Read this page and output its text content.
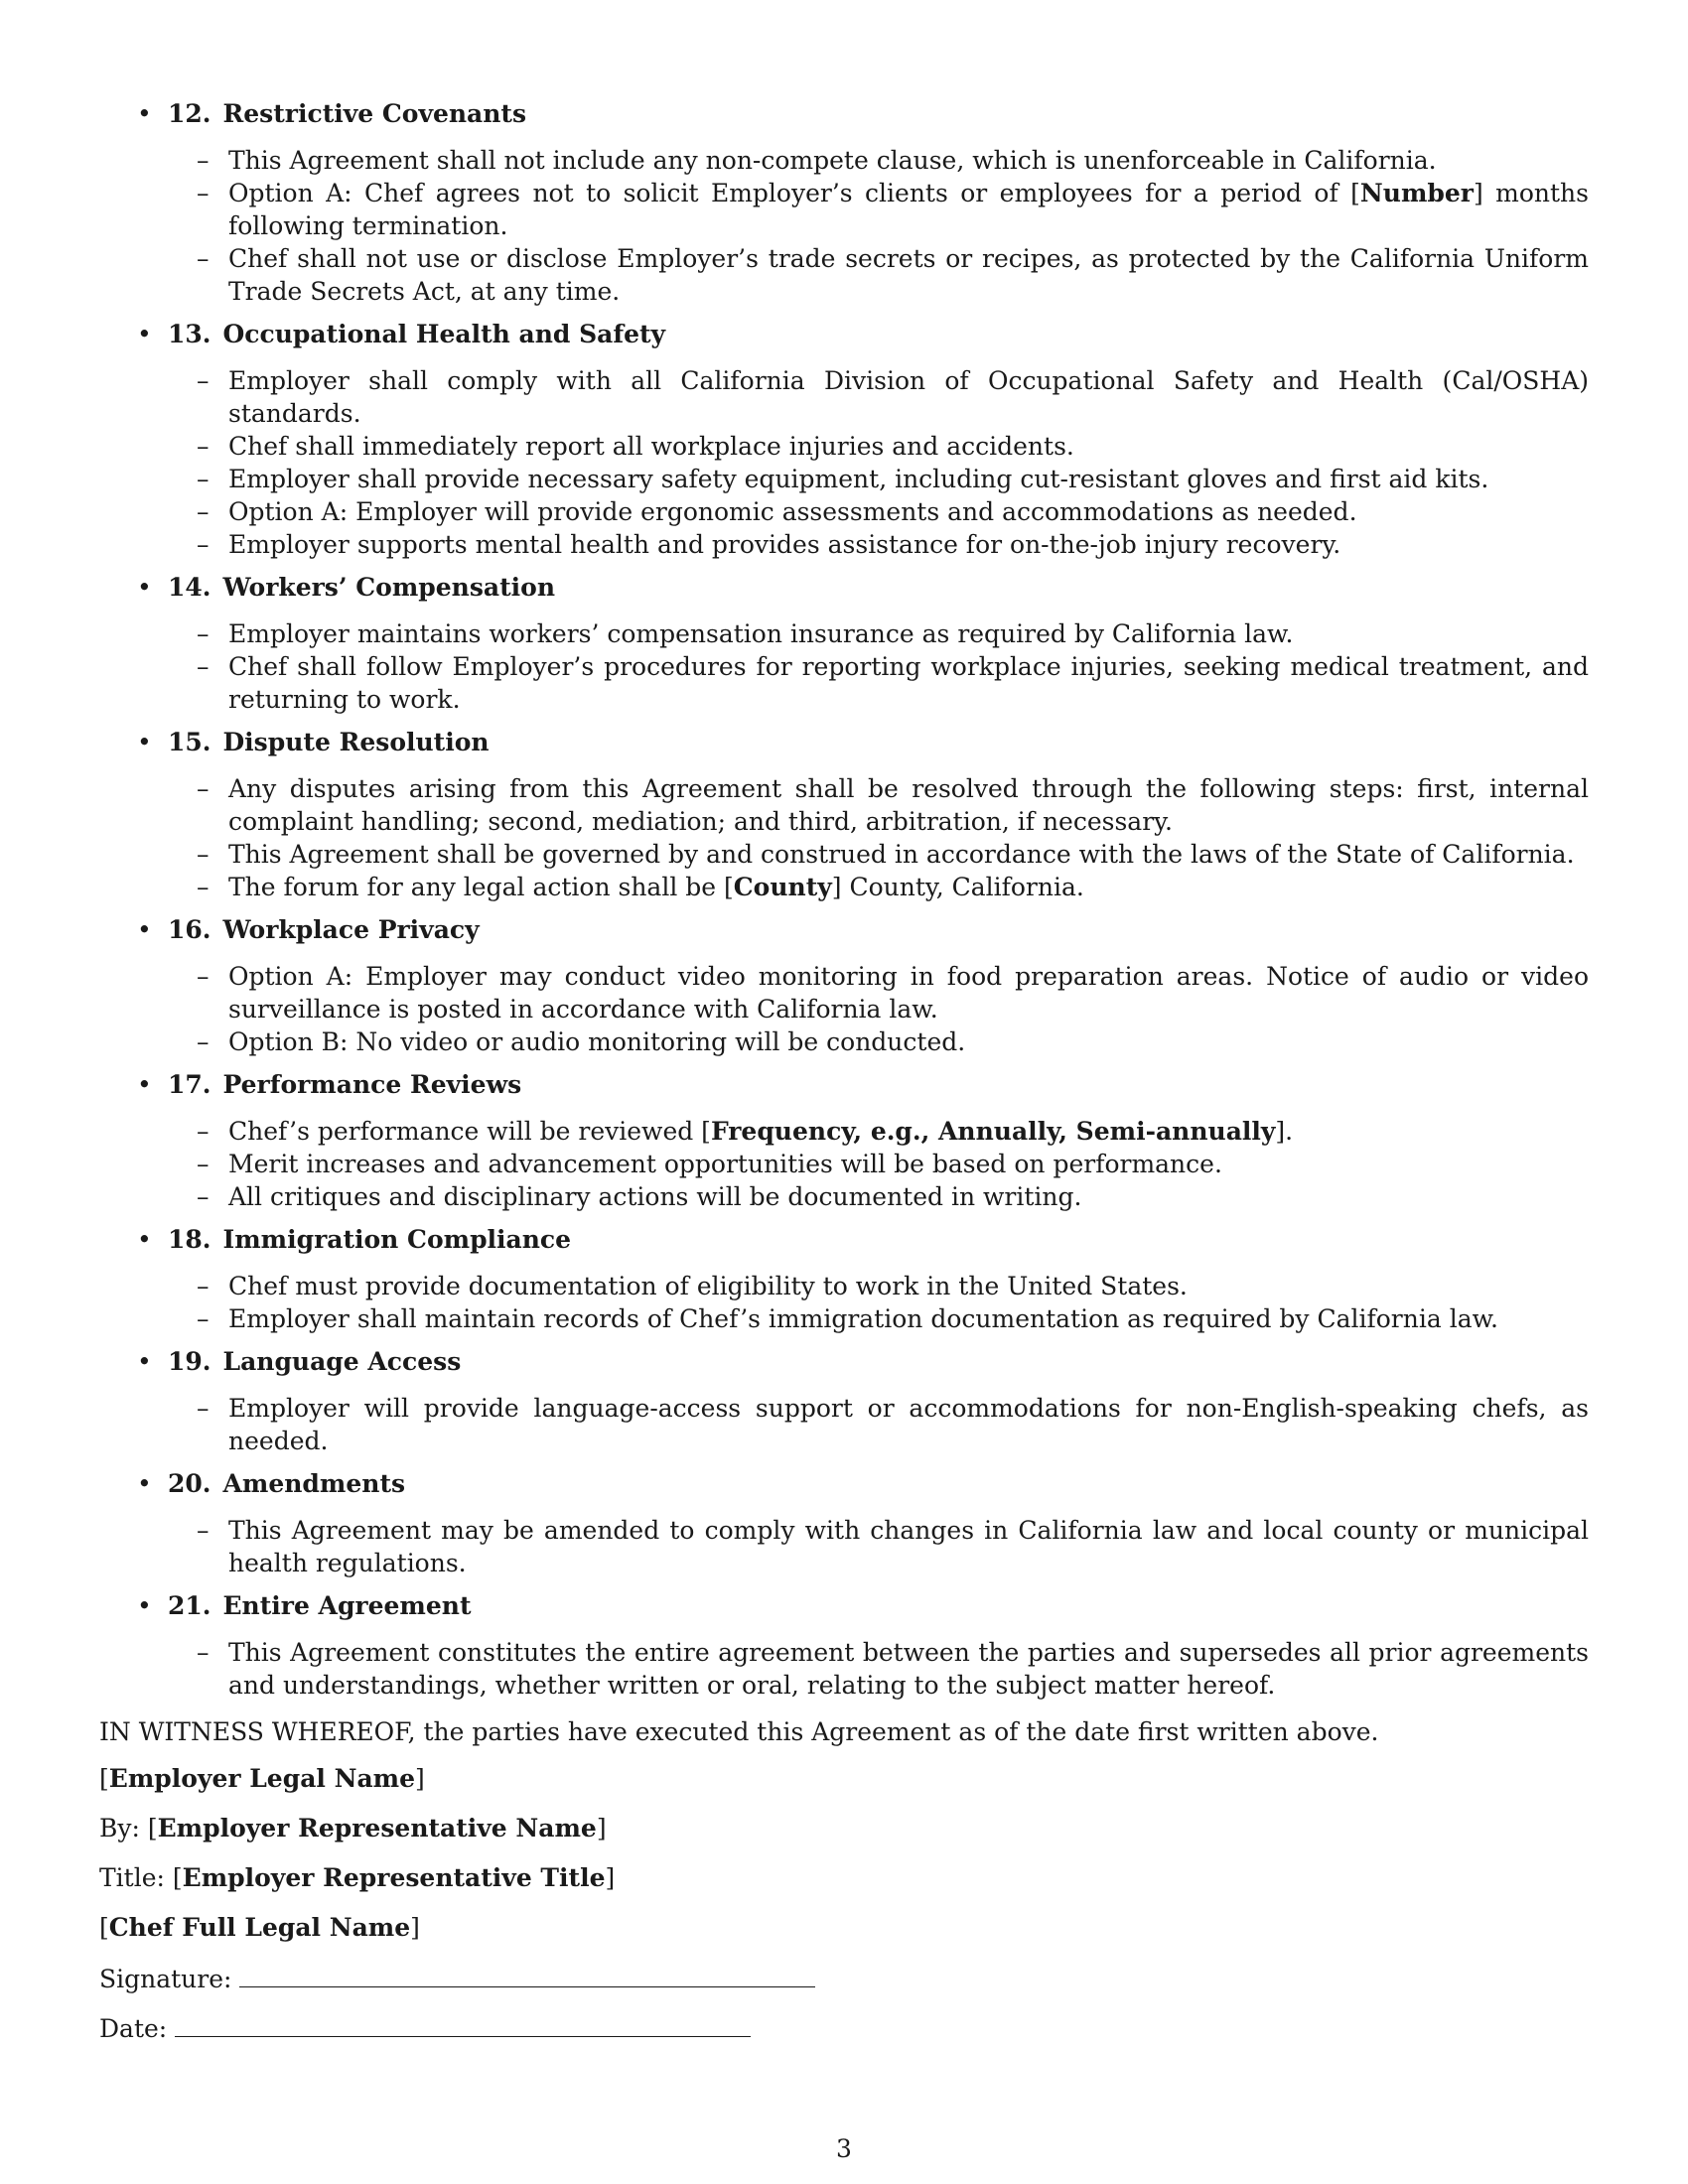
• 12. Restrictive Covenants
– This Agreement shall not include any non-compete clause, which is unenforceable in California.
– Option A: Chef agrees not to solicit Employer’s clients or employees for a period of [Number] months following termination.
– Chef shall not use or disclose Employer’s trade secrets or recipes, as protected by the California Uniform Trade Secrets Act, at any time.
• 13. Occupational Health and Safety
– Employer shall comply with all California Division of Occupational Safety and Health (Cal/OSHA) standards.
– Chef shall immediately report all workplace injuries and accidents.
– Employer shall provide necessary safety equipment, including cut-resistant gloves and first aid kits.
– Option A: Employer will provide ergonomic assessments and accommodations as needed.
– Employer supports mental health and provides assistance for on-the-job injury recovery.
• 14. Workers’ Compensation
– Employer maintains workers’ compensation insurance as required by California law.
– Chef shall follow Employer’s procedures for reporting workplace injuries, seeking medical treatment, and returning to work.
• 15. Dispute Resolution
– Any disputes arising from this Agreement shall be resolved through the following steps: first, internal complaint handling; second, mediation; and third, arbitration, if necessary.
– This Agreement shall be governed by and construed in accordance with the laws of the State of California.
– The forum for any legal action shall be [County] County, California.
• 16. Workplace Privacy
– Option A: Employer may conduct video monitoring in food preparation areas. Notice of audio or video surveillance is posted in accordance with California law.
– Option B: No video or audio monitoring will be conducted.
• 17. Performance Reviews
– Chef’s performance will be reviewed [Frequency, e.g., Annually, Semi-annually].
– Merit increases and advancement opportunities will be based on performance.
– All critiques and disciplinary actions will be documented in writing.
• 18. Immigration Compliance
– Chef must provide documentation of eligibility to work in the United States.
– Employer shall maintain records of Chef’s immigration documentation as required by California law.
• 19. Language Access
– Employer will provide language-access support or accommodations for non-English-speaking chefs, as needed.
• 20. Amendments
– This Agreement may be amended to comply with changes in California law and local county or municipal health regulations.
• 21. Entire Agreement
– This Agreement constitutes the entire agreement between the parties and supersedes all prior agreements and understandings, whether written or oral, relating to the subject matter hereof.
IN WITNESS WHEREOF, the parties have executed this Agreement as of the date first written above.
[Employer Legal Name]
By: [Employer Representative Name]
Title: [Employer Representative Title]
[Chef Full Legal Name]
Signature:
Date:
3
